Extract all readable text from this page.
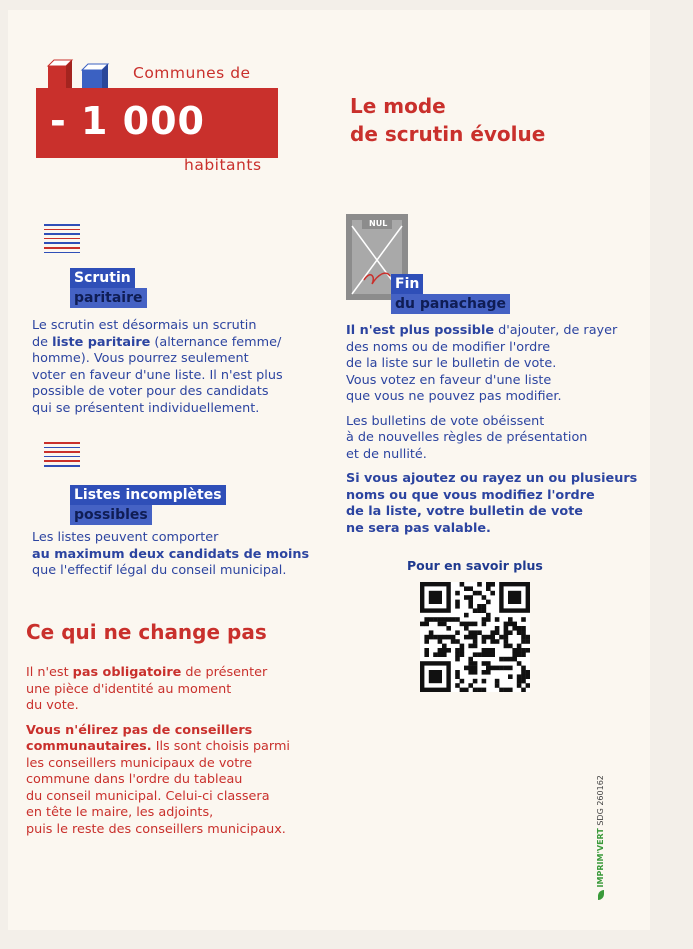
Communes de
- 1 000
habitants
Le mode
de scrutin évolue
Scrutin
paritaire
Le scrutin est désormais un scrutin
de liste paritaire (alternance femme/
homme). Vous pourrez seulement
voter en faveur d'une liste. Il n'est plus
possible de voter pour des candidats
qui se présentent individuellement.
Listes incomplètes
possibles
Les listes peuvent comporter
au maximum deux candidats de moins
que l'effectif légal du conseil municipal.
Ce qui ne change pas
Il n'est pas obligatoire de présenter
une pièce d'identité au moment
du vote.
Vous n'élirez pas de conseillers
communautaires. Ils sont choisis parmi
les conseillers municipaux de votre
commune dans l'ordre du tableau
du conseil municipal. Celui-ci classera
en tête le maire, les adjoints,
puis le reste des conseillers municipaux.
NUL
Fin
du panachage
Il n'est plus possible d'ajouter, de rayer
des noms ou de modifier l'ordre
de la liste sur le bulletin de vote.
Vous votez en faveur d'une liste
que vous ne pouvez pas modifier.
Les bulletins de vote obéissent
à de nouvelles règles de présentation
et de nullité.
Si vous ajoutez ou rayez un ou plusieurs
noms ou que vous modifiez l'ordre
de la liste, votre bulletin de vote
ne sera pas valable.
Pour en savoir plus
IMPRIM'VERT SDG 260162
